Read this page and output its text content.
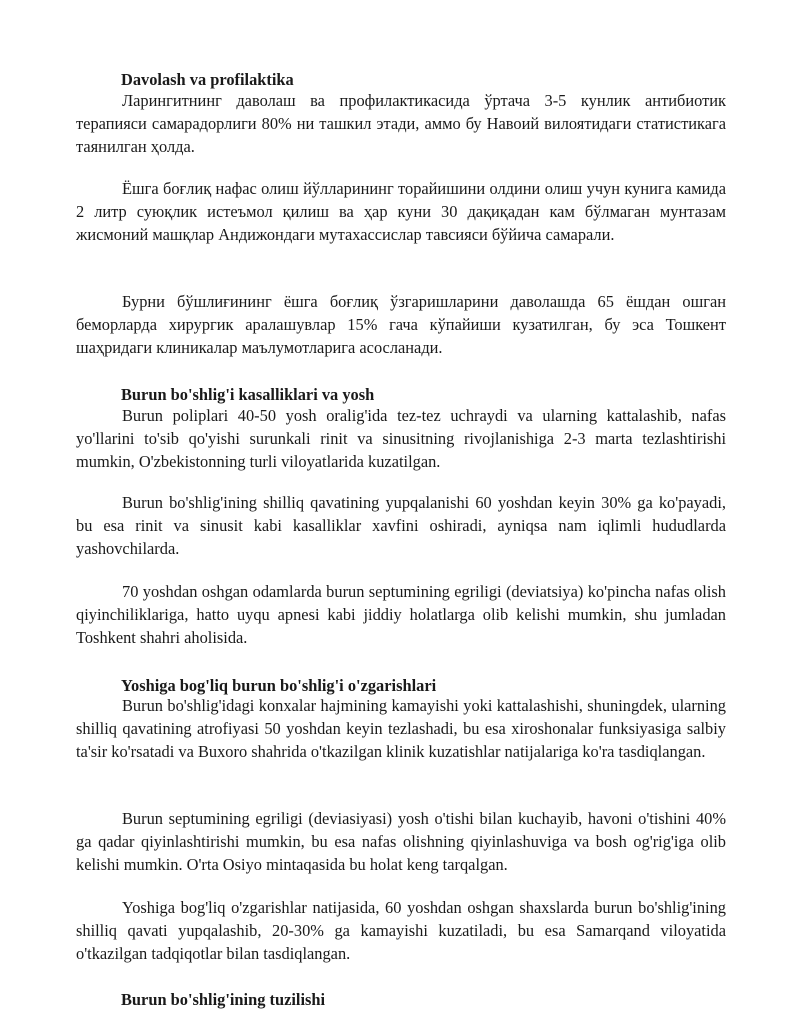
Davolash va profilaktika

Ларингитнинг даволаш ва профилактикасида ўртача 3-5 кунлик антибиотик терапияси самарадорлиги 80% ни ташкил этади, аммо бу Навоий вилоятидаги статистикага таянилган ҳолда.

Ёшга боғлиқ нафас олиш йўлларининг торайишини олдини олиш учун кунига камида 2 литр суюқлик истеъмол қилиш ва ҳар куни 30 дақиқадан кам бўлмаган мунтазам жисмоний машқлар Андижондаги мутахассислар тавсияси бўйича самарали.

Бурни бўшлиғининг ёшга боғлиқ ўзгаришларини даволашда 65 ёшдан ошган беморларда хирургик аралашувлар 15% гача кўпайиши кузатилган, бу эса Тошкент шаҳридаги клиникалар маълумотларига асосланади.

Burun bo'shlig'i kasalliklari va yosh

Burun poliplari 40-50 yosh oralig'ida tez-tez uchraydi va ularning kattalashib, nafas yo'llarini to'sib qo'yishi surunkali rinit va sinusitning rivojlanishiga 2-3 marta tezlashtirishi mumkin, O'zbekistonning turli viloyatlarida kuzatilgan.

Burun bo'shlig'ining shilliq qavatining yupqalanishi 60 yoshdan keyin 30% ga ko'payadi, bu esa rinit va sinusit kabi kasalliklar xavfini oshiradi, ayniqsa nam iqlimli hududlarda yashovchilarda.

70 yoshdan oshgan odamlarda burun septumining egriligi (deviatsiya) ko'pincha nafas olish qiyinchiliklariga, hatto uyqu apnesi kabi jiddiy holatlarga olib kelishi mumkin, shu jumladan Toshkent shahri aholisida.

Yoshiga bog'liq burun bo'shlig'i o'zgarishlari

Burun bo'shlig'idagi konxalar hajmining kamayishi yoki kattalashishi, shuningdek, ularning shilliq qavatining atrofiyasi 50 yoshdan keyin tezlashadi, bu esa xiroshonalar funksiyasiga salbiy ta'sir ko'rsatadi va Buxoro shahrida o'tkazilgan klinik kuzatishlar natijalariga ko'ra tasdiqlangan.

Burun septumining egriligi (deviasiyasi) yosh o'tishi bilan kuchayib, havoni o'tishini 40% ga qadar qiyinlashtirishi mumkin, bu esa nafas olishning qiyinlashuviga va bosh og'rig'iga olib kelishi mumkin. O'rta Osiyo mintaqasida bu holat keng tarqalgan.

Yoshiga bog'liq o'zgarishlar natijasida, 60 yoshdan oshgan shaxslarda burun bo'shlig'ining shilliq qavati yupqalashib, 20-30% ga kamayishi kuzatiladi, bu esa Samarqand viloyatida o'tkazilgan tadqiqotlar bilan tasdiqlangan.

Burun bo'shlig'ining tuzilishi
